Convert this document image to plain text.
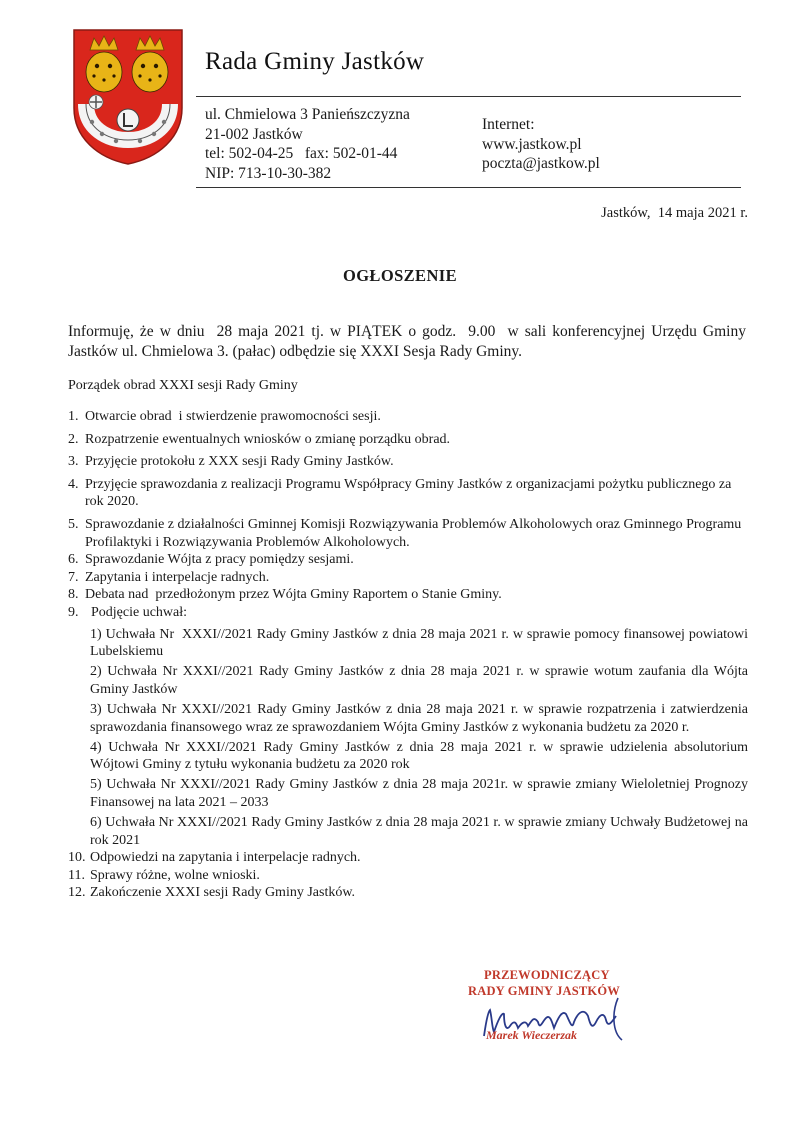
Rada Gminy Jastków
ul. Chmielowa 3 Panieńszczyzna
21-002 Jastków
tel: 502-04-25   fax: 502-01-44
NIP: 713-10-30-382
Internet:
www.jastkow.pl
poczta@jastkow.pl
Jastków,  14 maja 2021 r.
OGŁOSZENIE
Informuję, że w dniu  28 maja 2021 tj. w PIĄTEK o godz.  9.00  w sali konferencyjnej Urzędu Gminy Jastków ul. Chmielowa 3. (pałac) odbędzie się XXXI Sesja Rady Gminy.
Porządek obrad XXXI sesji Rady Gminy
1. Otwarcie obrad  i stwierdzenie prawomocności sesji.
2. Rozpatrzenie ewentualnych wniosków o zmianę porządku obrad.
3. Przyjęcie protokołu z XXX sesji Rady Gminy Jastków.
4. Przyjęcie sprawozdania z realizacji Programu Współpracy Gminy Jastków z organizacjami pożytku publicznego za rok 2020.
5. Sprawozdanie z działalności Gminnej Komisji Rozwiązywania Problemów Alkoholowych oraz Gminnego Programu Profilaktyki i Rozwiązywania Problemów Alkoholowych.
6. Sprawozdanie Wójta z pracy pomiędzy sesjami.
7. Zapytania i interpelacje radnych.
8. Debata nad  przedłożonym przez Wójta Gminy Raportem o Stanie Gminy.
9. Podjęcie uchwał:
1) Uchwała Nr  XXXI//2021 Rady Gminy Jastków z dnia 28 maja 2021 r. w sprawie pomocy finansowej powiatowi Lubelskiemu
2) Uchwała Nr XXXI//2021 Rady Gminy Jastków z dnia 28 maja 2021 r. w sprawie wotum zaufania dla Wójta Gminy Jastków
3) Uchwała Nr XXXI//2021 Rady Gminy Jastków z dnia 28 maja 2021 r. w sprawie rozpatrzenia i zatwierdzenia sprawozdania finansowego wraz ze sprawozdaniem Wójta Gminy Jastków z wykonania budżetu za 2020 r.
4) Uchwała Nr XXXI//2021 Rady Gminy Jastków z dnia 28 maja 2021 r. w sprawie udzielenia absolutorium Wójtowi Gminy z tytułu wykonania budżetu za 2020 rok
5) Uchwała Nr XXXI//2021 Rady Gminy Jastków z dnia 28 maja 2021r. w sprawie zmiany Wieloletniej Prognozy Finansowej na lata 2021 – 2033
6) Uchwała Nr XXXI//2021 Rady Gminy Jastków z dnia 28 maja 2021 r. w sprawie zmiany Uchwały Budżetowej na rok 2021
10. Odpowiedzi na zapytania i interpelacje radnych.
11. Sprawy różne, wolne wnioski.
12. Zakończenie XXXI sesji Rady Gminy Jastków.
PRZEWODNICZĄCY
RADY GMINY JASTKÓW
Marek Wieczerzak
